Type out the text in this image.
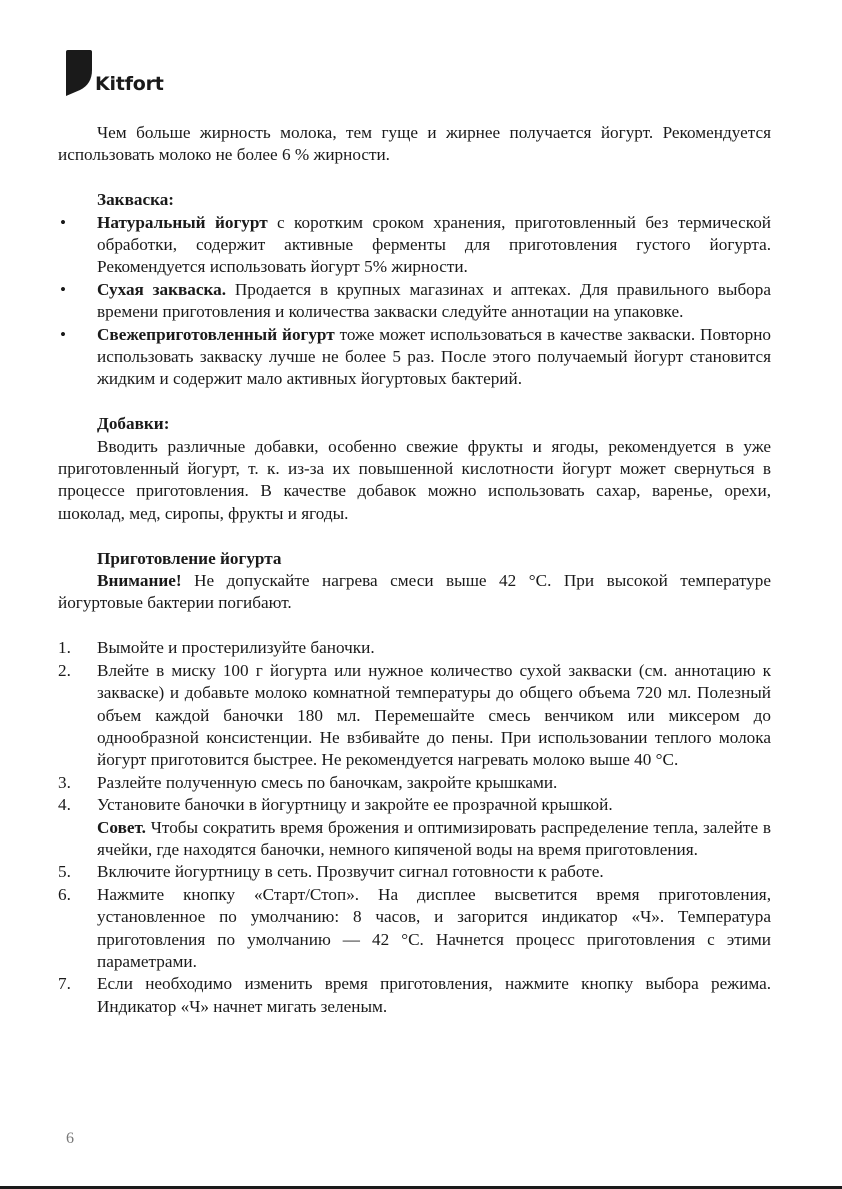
Kitfort

Чем больше жирность молока, тем гуще и жирнее получается йогурт. Рекомендуется использовать молоко не более 6 % жирности.

Закваска:

• Натуральный йогурт с коротким сроком хранения, приготовленный без термической обработки, содержит активные ферменты для приготовления густого йогурта. Рекомендуется использовать йогурт 5% жирности.
• Сухая закваска. Продается в крупных магазинах и аптеках. Для правильного выбора времени приготовления и количества закваски следуйте аннотации на упаковке.
• Свежеприготовленный йогурт тоже может использоваться в качестве закваски. Повторно использовать закваску лучше не более 5 раз. После этого получаемый йогурт становится жидким и содержит мало активных йогуртовых бактерий.

Добавки:

Вводить различные добавки, особенно свежие фрукты и ягоды, рекомендуется в уже приготовленный йогурт, т. к. из-за их повышенной кислотности йогурт может свернуться в процессе приготовления. В качестве добавок можно использовать сахар, варенье, орехи, шоколад, мед, сиропы, фрукты и ягоды.

Приготовление йогурта

Внимание! Не допускайте нагрева смеси выше 42 °С. При высокой температуре йогуртовые бактерии погибают.

1. Вымойте и простерилизуйте баночки.
2. Влейте в миску 100 г йогурта или нужное количество сухой закваски (см. аннотацию к закваске) и добавьте молоко комнатной температуры до общего объема 720 мл. Полезный объем каждой баночки 180 мл. Перемешайте смесь венчиком или миксером до однообразной консистенции. Не взбивайте до пены. При использовании теплого молока йогурт приготовится быстрее. Не рекомендуется нагревать молоко выше 40 °С.
3. Разлейте полученную смесь по баночкам, закройте крышками.
4. Установите баночки в йогуртницу и закройте ее прозрачной крышкой.
Совет. Чтобы сократить время брожения и оптимизировать распределение тепла, залейте в ячейки, где находятся баночки, немного кипяченой воды на время приготовления.
5. Включите йогуртницу в сеть. Прозвучит сигнал готовности к работе.
6. Нажмите кнопку «Старт/Стоп». На дисплее высветится время приготовления, установленное по умолчанию: 8 часов, и загорится индикатор «Ч». Температура приготовления по умолчанию — 42 °С. Начнется процесс приготовления с этими параметрами.
7. Если необходимо изменить время приготовления, нажмите кнопку выбора режима. Индикатор «Ч» начнет мигать зеленым.
6
